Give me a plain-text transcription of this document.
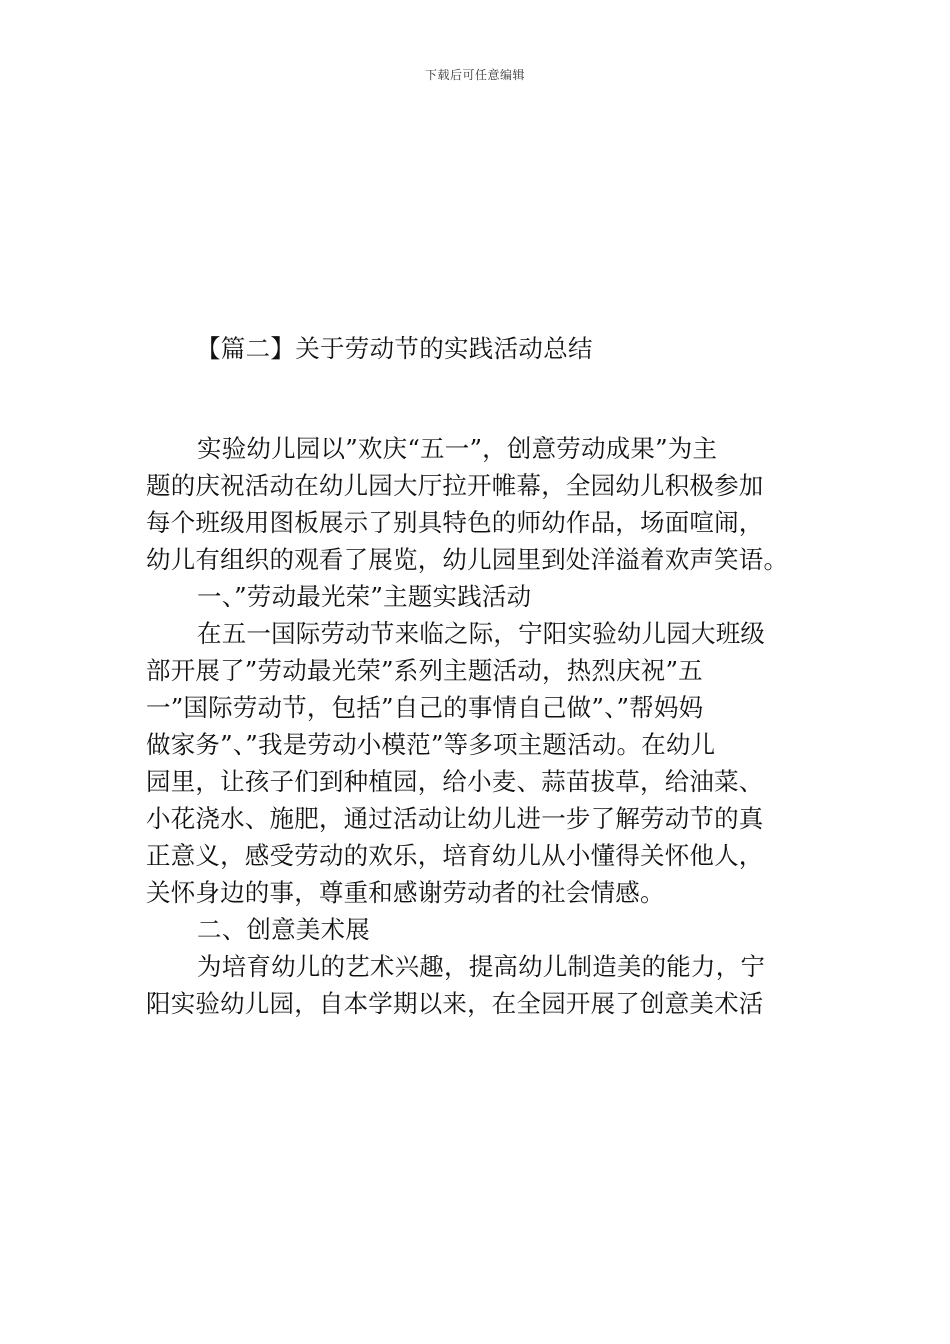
下载后可任意编辑
【篇二】关于劳动节的实践活动总结

实验幼儿园以”欢庆“五一”，创意劳动成果”为主
题的庆祝活动在幼儿园大厅拉开帷幕，全园幼儿积极参加
每个班级用图板展示了别具特色的师幼作品，场面喧闹，
幼儿有组织的观看了展览，幼儿园里到处洋溢着欢声笑语。

一、”劳动最光荣”主题实践活动

在五一国际劳动节来临之际，宁阳实验幼儿园大班级
部开展了”劳动最光荣”系列主题活动，热烈庆祝”五
一”国际劳动节，包括”自己的事情自己做”、”帮妈妈
做家务”、”我是劳动小模范”等多项主题活动。在幼儿
园里，让孩子们到种植园，给小麦、蒜苗拔草，给油菜、
小花浇水、施肥，通过活动让幼儿进一步了解劳动节的真
正意义，感受劳动的欢乐，培育幼儿从小懂得关怀他人，
关怀身边的事，尊重和感谢劳动者的社会情感。

二、创意美术展

为培育幼儿的艺术兴趣，提高幼儿制造美的能力，宁
阳实验幼儿园，自本学期以来，在全园开展了创意美术活
